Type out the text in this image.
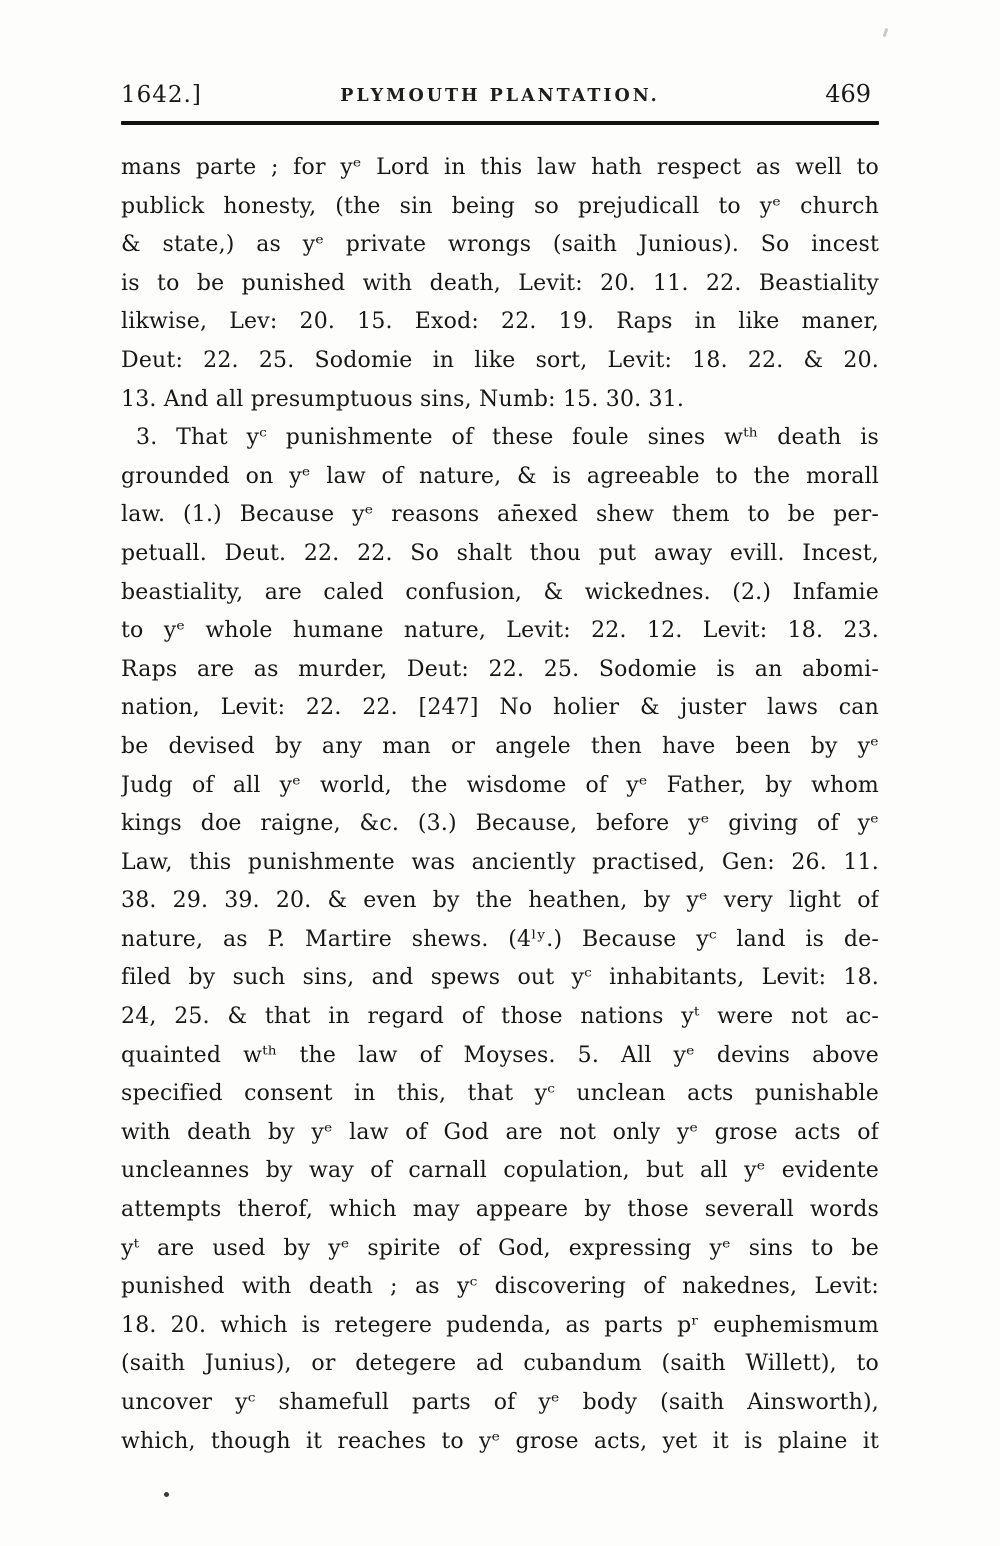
1642.]	PLYMOUTH PLANTATION.	469
mans parte ; for yᵉ Lord in this law hath respect as well to
publick honesty, (the sin being so prejudicall to yᵉ church
& state,) as yᵉ private wrongs (saith Junious). So incest
is to be punished with death, Levit: 20. 11. 22. Beastiality
likwise, Lev: 20. 15. Exod: 22. 19. Raps in like maner,
Deut: 22. 25. Sodomie in like sort, Levit: 18. 22. & 20.
13. And all presumptuous sins, Numb: 15. 30. 31.
3. That yᶜ punishmente of these foule sines wᵗʰ death is
grounded on yᵉ law of nature, & is agreeable to the morall
law. (1.) Because yᵉ reasons an̄exed shew them to be per-
petuall. Deut. 22. 22. So shalt thou put away evill. Incest,
beastiality, are caled confusion, & wickednes. (2.) Infamie
to yᵉ whole humane nature, Levit: 22. 12. Levit: 18. 23.
Raps are as murder, Deut: 22. 25. Sodomie is an abomi-
nation, Levit: 22. 22. [247] No holier & juster laws can
be devised by any man or angele then have been by yᵉ
Judg of all yᵉ world, the wisdome of yᵉ Father, by whom
kings doe raigne, &c. (3.) Because, before yᵉ giving of yᵉ
Law, this punishmente was anciently practised, Gen: 26. 11.
38. 29. 39. 20. & even by the heathen, by yᵉ very light of
nature, as P. Martire shews. (4ˡʸ.) Because yᶜ land is de-
filed by such sins, and spews out yᶜ inhabitants, Levit: 18.
24, 25. & that in regard of those nations yᵗ were not ac-
quainted wᵗʰ the law of Moyses. 5. All yᵉ devins above
specified consent in this, that yᶜ unclean acts punishable
with death by yᵉ law of God are not only yᵉ grose acts of
uncleannes by way of carnall copulation, but all yᵉ evidente
attempts therof, which may appeare by those severall words
yᵗ are used by yᵉ spirite of God, expressing yᵉ sins to be
punished with death ; as yᶜ discovering of nakednes, Levit:
18. 20. which is retegere pudenda, as parts pʳ euphemismum
(saith Junius), or detegere ad cubandum (saith Willett), to
uncover yᶜ shamefull parts of yᵉ body (saith Ainsworth),
which, though it reaches to yᵉ grose acts, yet it is plaine it
